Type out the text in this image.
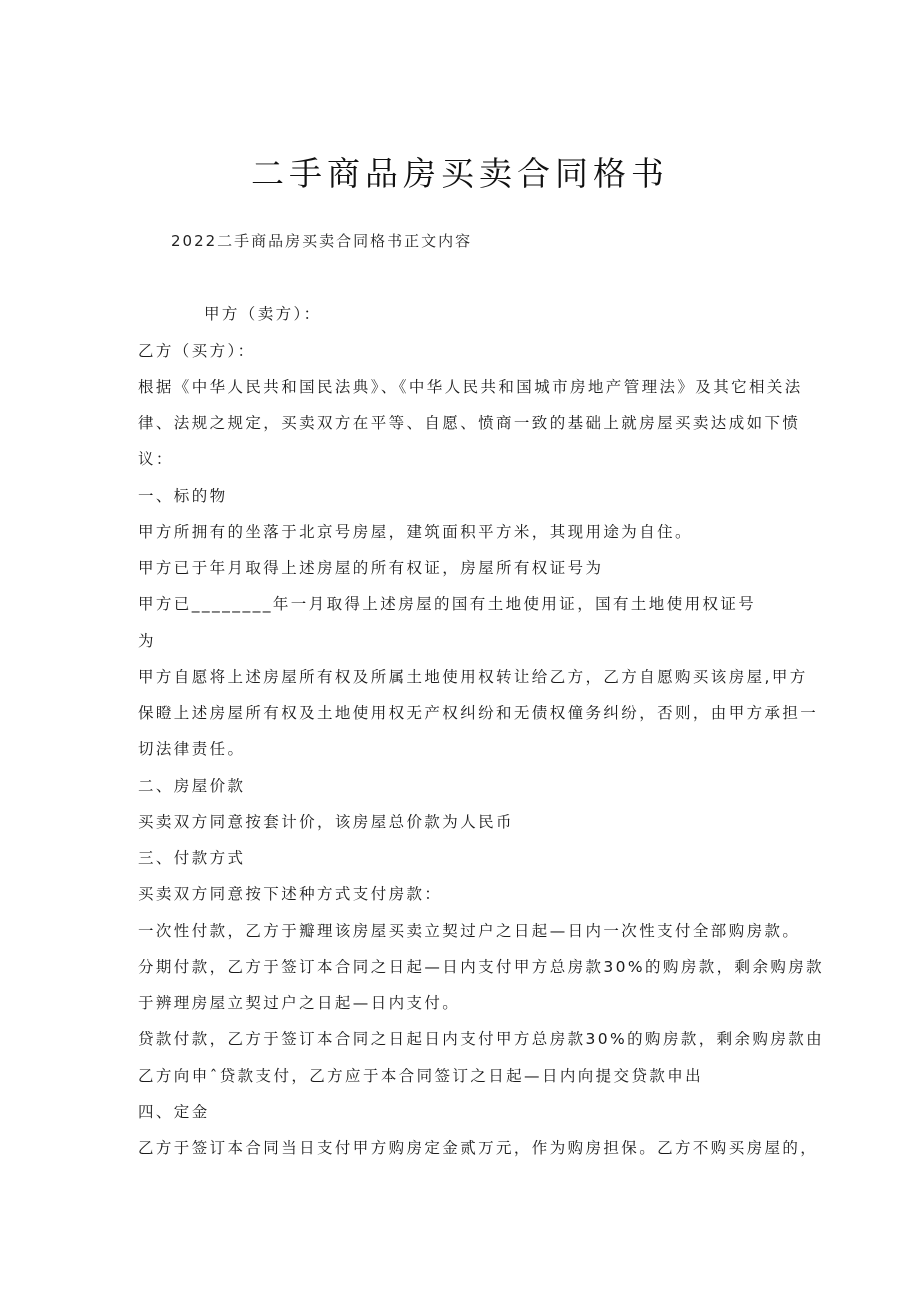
二手商品房买卖合同格书
2022二手商品房买卖合同格书正文内容
甲方（卖方）：
乙方（买方）：
根据《中华人民共和国民法典》、《中华人民共和国城市房地产管理法》及其它相关法
律、法规之规定，买卖双方在平等、自愿、愤商一致的基础上就房屋买卖达成如下愤
议：
一、标的物
甲方所拥有的坐落于北京号房屋，建筑面积平方米，其现用途为自住。
甲方已于年月取得上述房屋的所有权证，房屋所有权证号为
甲方已________年一月取得上述房屋的国有土地使用证，国有土地使用权证号
为
甲方自愿将上述房屋所有权及所属土地使用权转让给乙方，乙方自愿购买该房屋,甲方
保瞪上述房屋所有权及土地使用权无产权纠纷和无债权僮务纠纷，否则，由甲方承担一
切法律责任。
二、房屋价款
买卖双方同意按套计价，该房屋总价款为人民币
三、付款方式
买卖双方同意按下述种方式支付房款：
一次性付款，乙方于瓣理该房屋买卖立契过户之日起—日内一次性支付全部购房款。
分期付款，乙方于签订本合同之日起—日内支付甲方总房款30%的购房款，剩余购房款
于辨理房屋立契过户之日起—日内支付。
贷款付款，乙方于签订本合同之日起日内支付甲方总房款30%的购房款，剩余购房款由
乙方向申ˆ贷款支付，乙方应于本合同签订之日起—日内向提交贷款申出
四、定金
乙方于签订本合同当日支付甲方购房定金贰万元，作为购房担保。乙方不购买房屋的，
